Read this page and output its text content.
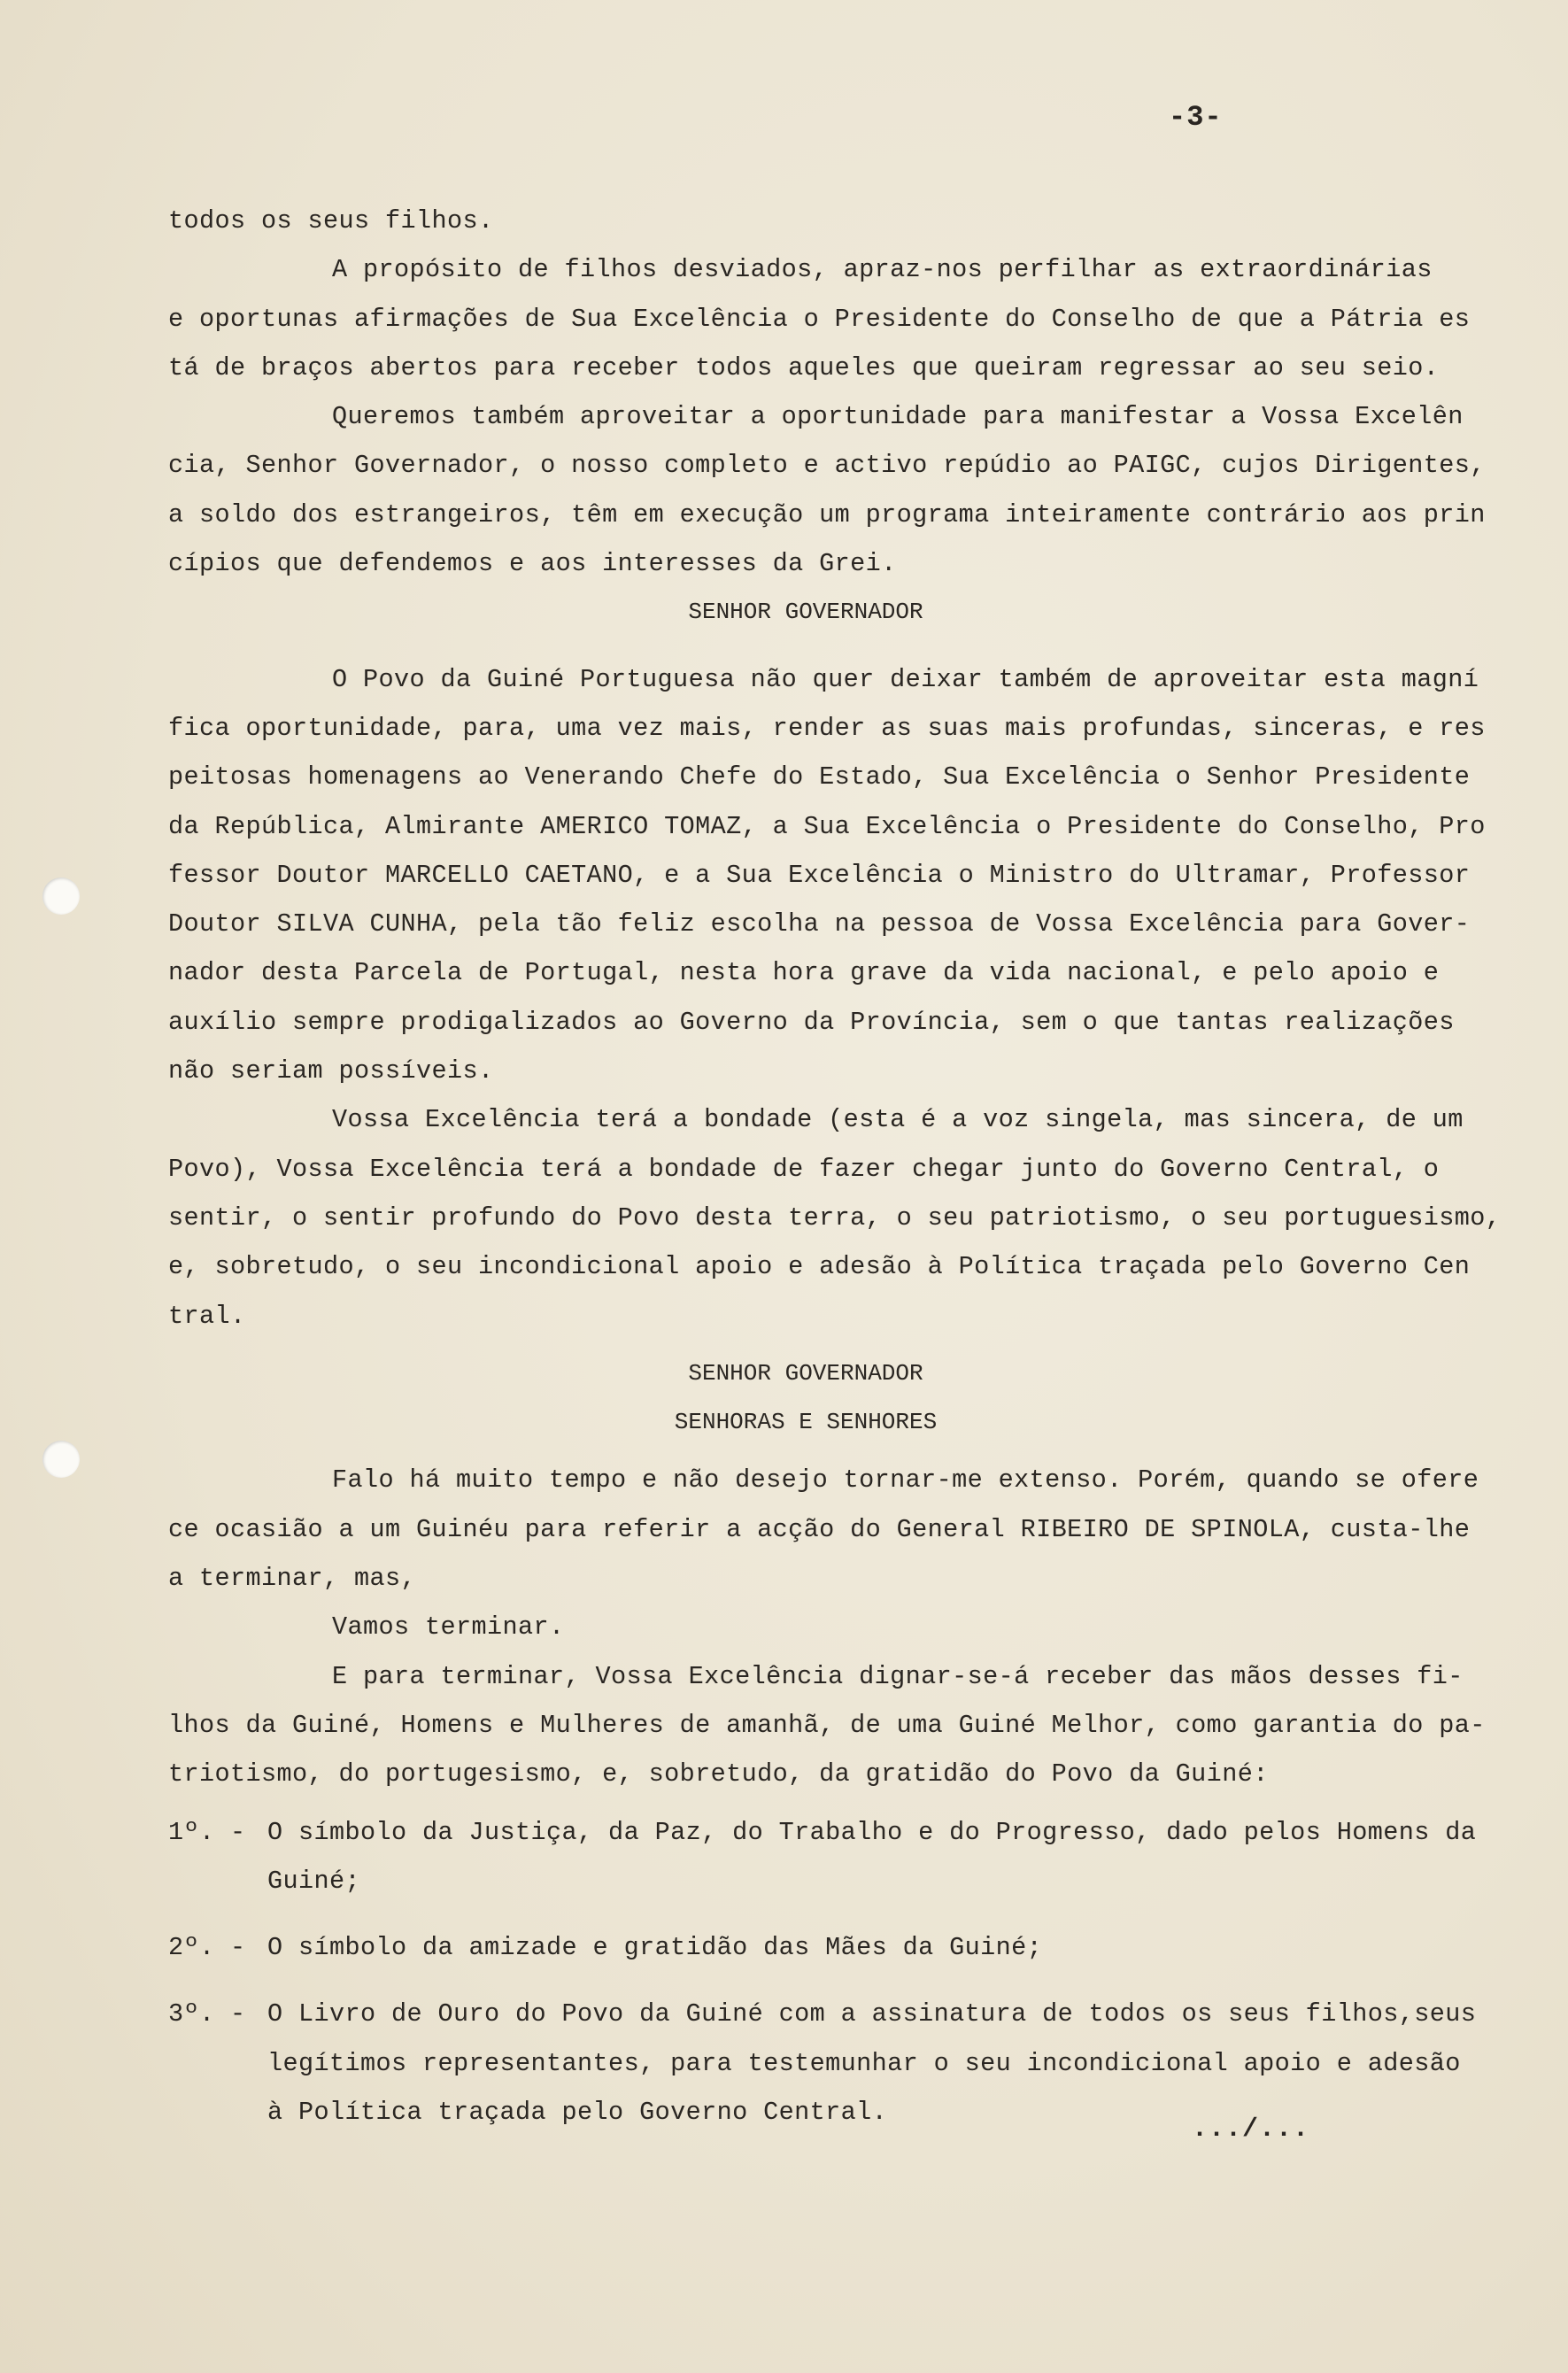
-3-
todos os seus filhos.
A propósito de filhos desviados, apraz-nos perfilhar as extraordinárias
e oportunas afirmações de Sua Excelência o Presidente do Conselho de que a Pátria es
tá de braços abertos para receber todos aqueles que queiram regressar ao seu seio.
Queremos também aproveitar a oportunidade para manifestar a Vossa Excelên
cia, Senhor Governador, o nosso completo e activo repúdio ao PAIGC, cujos Dirigentes,
a soldo dos estrangeiros, têm em execução um programa inteiramente contrário aos prin
cípios que defendemos e aos interesses da Grei.
SENHOR GOVERNADOR
O Povo da Guiné Portuguesa não quer deixar também de aproveitar esta magní
fica oportunidade, para, uma vez mais, render as suas mais profundas, sinceras, e res
peitosas homenagens ao Venerando Chefe do Estado, Sua Excelência o Senhor Presidente
da República, Almirante AMERICO TOMAZ, a Sua Excelência o Presidente do Conselho, Pro
fessor Doutor MARCELLO CAETANO, e a Sua Excelência o Ministro do Ultramar, Professor
Doutor SILVA CUNHA, pela tão feliz escolha na pessoa de Vossa Excelência para Gover-
nador desta Parcela de Portugal, nesta hora grave da vida nacional, e pelo apoio e
auxílio sempre prodigalizados ao Governo da Província, sem o que tantas realizações
não seriam possíveis.
Vossa Excelência terá a bondade (esta é a voz singela, mas sincera, de um
Povo), Vossa Excelência terá a bondade de fazer chegar junto do Governo Central, o
sentir, o sentir profundo do Povo desta terra, o seu patriotismo, o seu portuguesismo,
e, sobretudo, o seu incondicional apoio e adesão à Política traçada pelo Governo Cen
tral.
SENHOR GOVERNADOR
SENHORAS E SENHORES
Falo há muito tempo e não desejo tornar-me extenso. Porém, quando se ofere
ce ocasião a um Guinéu para referir a acção do General RIBEIRO DE SPINOLA, custa-lhe
a terminar, mas,
Vamos terminar.
E para terminar, Vossa Excelência dignar-se-á receber das mãos desses fi-
lhos da Guiné, Homens e Mulheres de amanhã, de uma Guiné Melhor, como garantia do pa-
triotismo, do portugesismo, e, sobretudo, da gratidão do Povo da Guiné:
1º. - O símbolo da Justiça, da Paz, do Trabalho e do Progresso, dado pelos Homens da
Guiné;
2º. - O símbolo da amizade e gratidão das Mães da Guiné;
3º. - O Livro de Ouro do Povo da Guiné com a assinatura de todos os seus filhos,seus
legítimos representantes, para testemunhar o seu incondicional apoio e adesão
à Política traçada pelo Governo Central.
.../...
